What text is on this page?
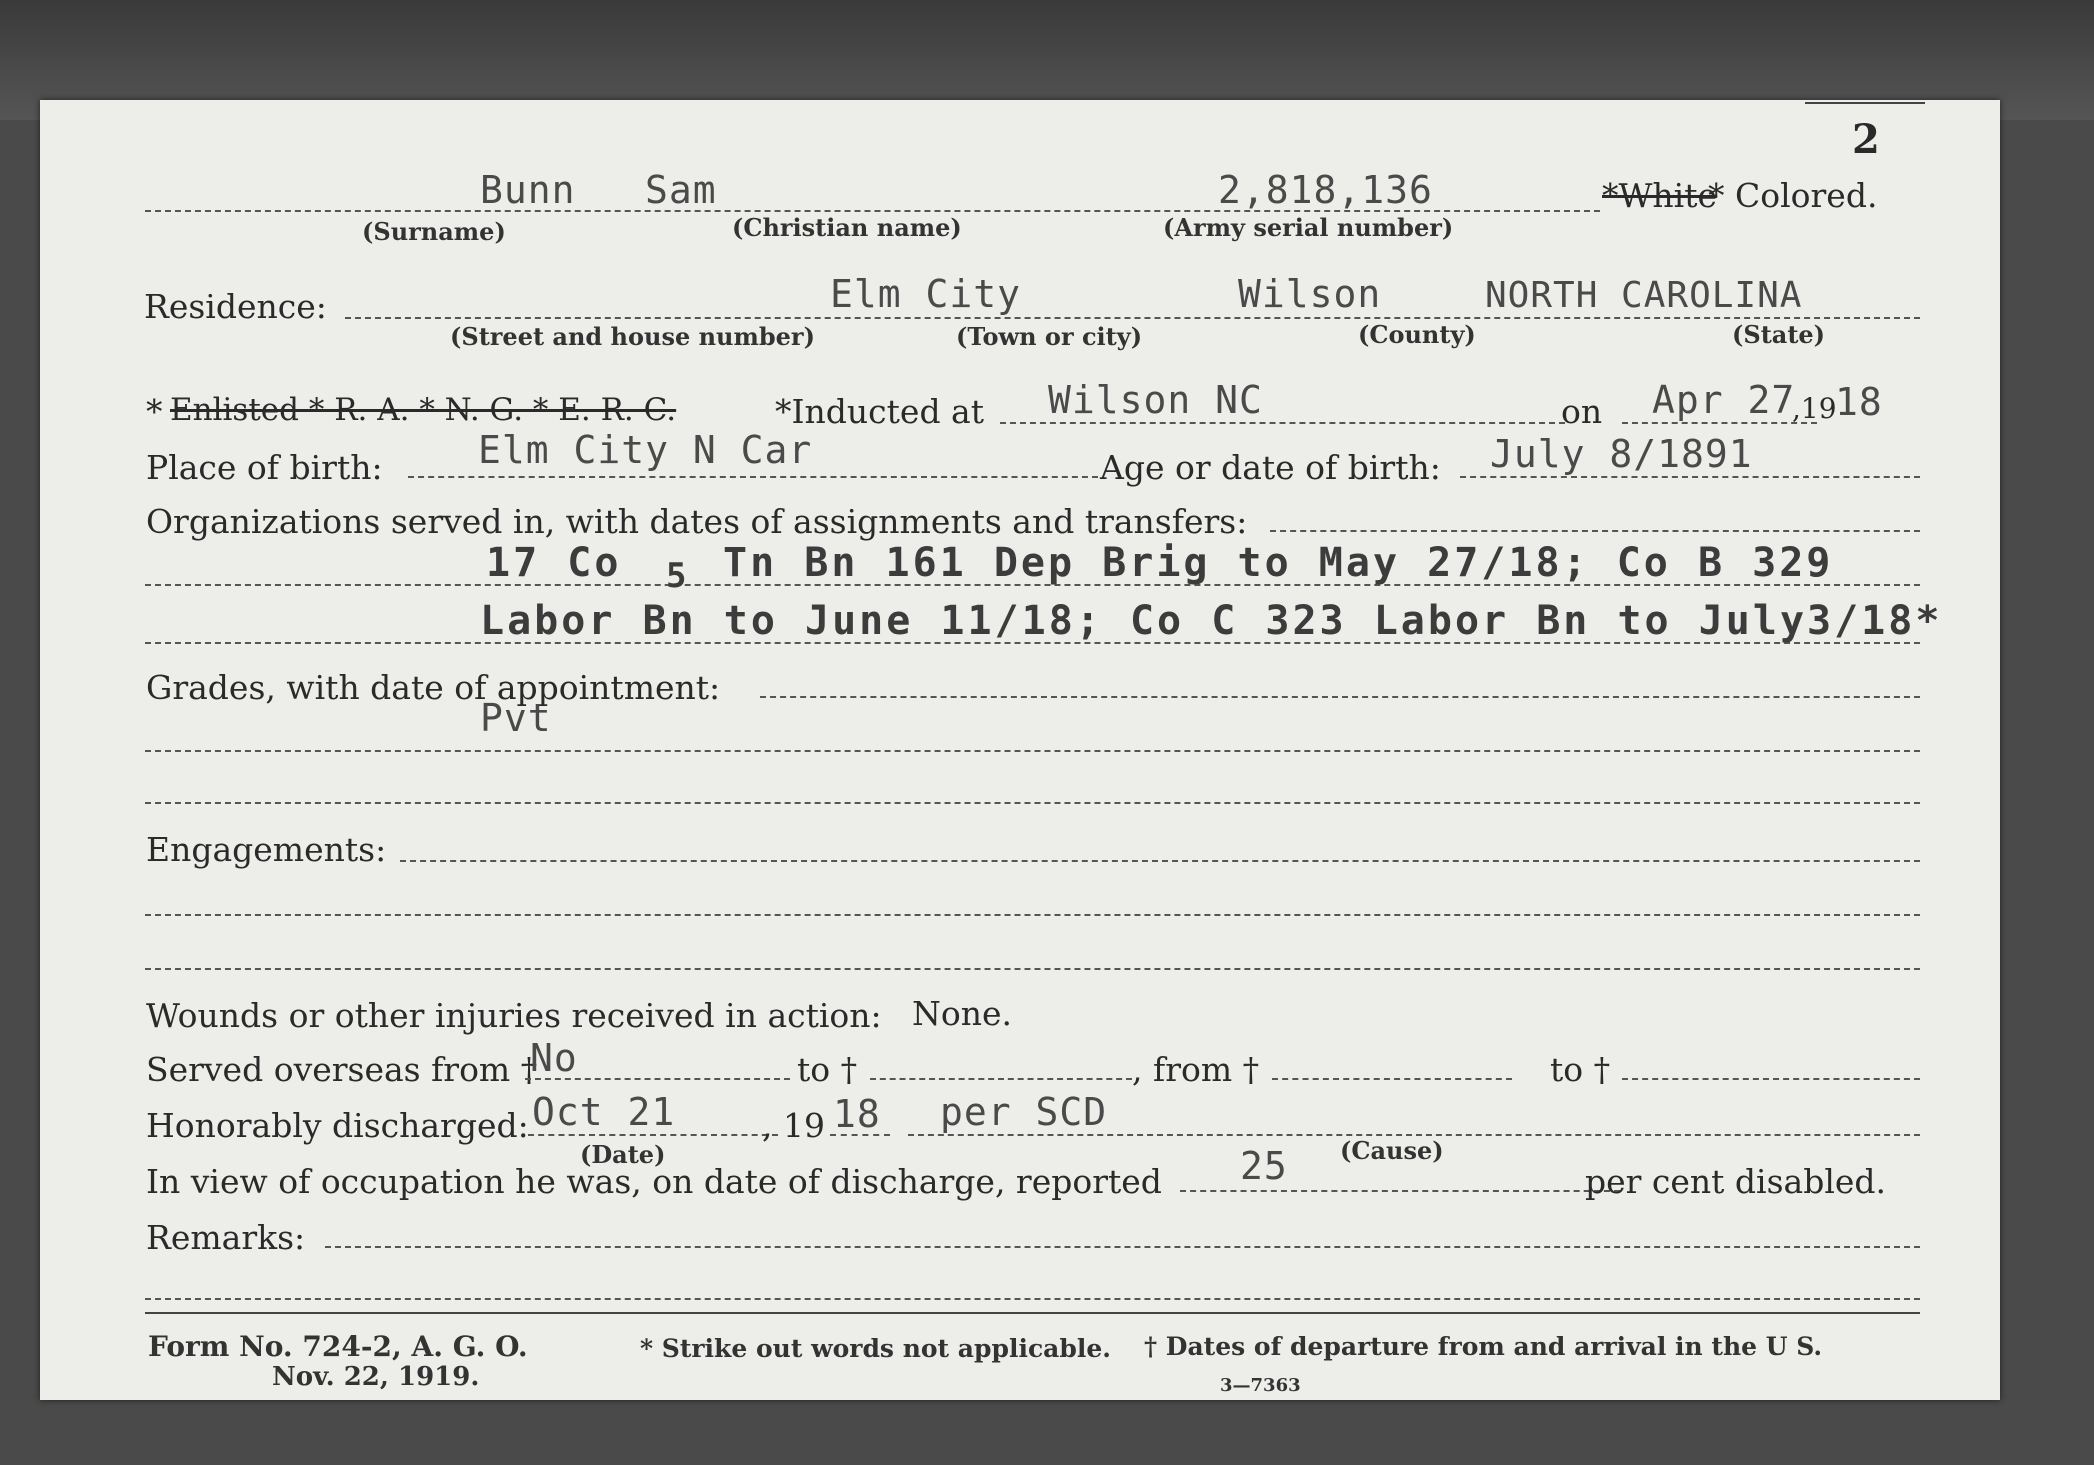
2
Bunn Sam	2,818,136	*White
* Colored.
(Surname)	(Christian name)	(Army serial number)
Residence:	Elm City	Wilson	NORTH CAROLINA
(Street and house number)	(Town or city)	(County)	(State)
* Enlisted * R. A. * N. G. * E. R. C.	*Inducted at Wilson NC	on Apr 27
,19
18
Place of birth:	Elm City N Car	Age or date of birth: July 8/1891
Organizations served in, with dates of assignments and transfers:
17 Co 5 Tn Bn 161 Dep Brig to May 27/18; Co B 329
Labor Bn to June 11/18; Co C 323 Labor Bn to July3/18*
Grades, with date of appointment:
Pvt
Engagements:
Wounds or other injuries received in action: None.
Served overseas from †
No	to †	, from †	to †
Honorably discharged: Oct 21	, 19 18 per SCD
(Date)	(Cause)
In view of occupation he was, on date of discharge, reported 25	per cent disabled.
Remarks:
Form No. 724-2, A. G. O.
Nov. 22, 1919.
* Strike out words not applicable. † Dates of departure from and arrival in the U S.
3—7363
